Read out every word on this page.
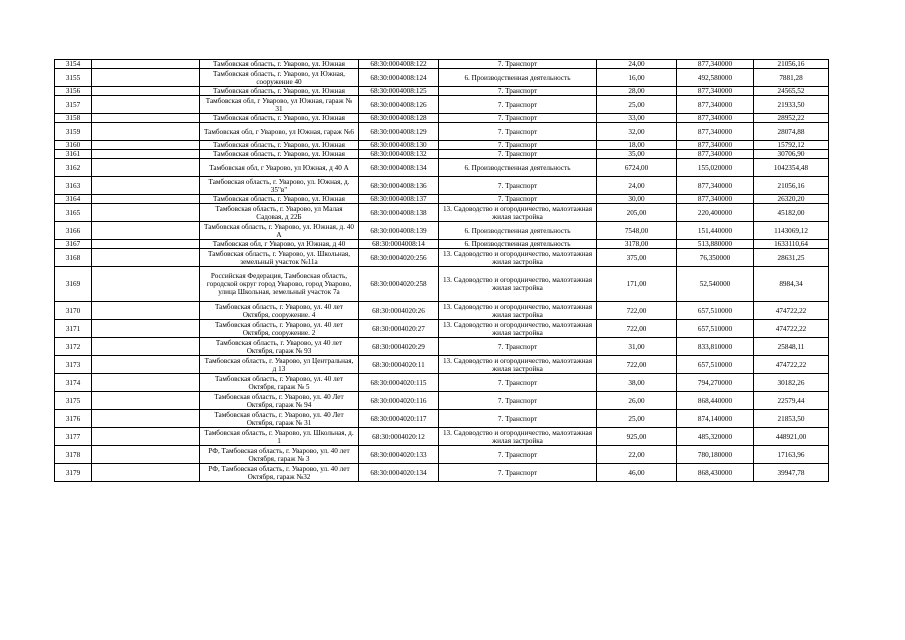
3154		Тамбовская область, г. Уварово, ул. Южная	68:30:0004008:122	7. Транспорт	24,00	877,340000	21056,16
3155		Тамбовская область, г. Уварово, ул Южная, сооружение 40	68:30:0004008:124	6. Производственная деятельность	16,00	492,580000	7881,28
3156		Тамбовская область, г. Уварово, ул. Южная	68:30:0004008:125	7. Транспорт	28,00	877,340000	24565,52
3157		Тамбовская обл, г Уварово, ул Южная, гараж № 31	68:30:0004008:126	7. Транспорт	25,00	877,340000	21933,50
3158		Тамбовская область, г. Уварово, ул. Южная	68:30:0004008:128	7. Транспорт	33,00	877,340000	28952,22
3159		Тамбовская обл, г Уварово, ул Южная, гараж №6	68:30:0004008:129	7. Транспорт	32,00	877,340000	28074,88
3160		Тамбовская область, г. Уварово, ул. Южная	68:30:0004008:130	7. Транспорт	18,00	877,340000	15792,12
3161		Тамбовская область, г. Уварово, ул. Южная	68:30:0004008:132	7. Транспорт	35,00	877,340000	30706,90
3162		Тамбовская обл, г Уварово, ул Южная, д 40 А	68:30:0004008:134	6. Производственная деятельность	6724,00	155,020000	1042354,48
3163		Тамбовская область, г. Уварово, ул. Южная, д. 35"в"	68:30:0004008:136	7. Транспорт	24,00	877,340000	21056,16
3164		Тамбовская область, г. Уварово, ул. Южная	68:30:0004008:137	7. Транспорт	30,00	877,340000	26320,20
3165		Тамбовская область, г. Уварово, ул Малая Садовая, д 22Б	68:30:0004008:138	13. Садоводство и огородничество, малоэтажная жилая застройка	205,00	220,400000	45182,00
3166		Тамбовская область, г. Уварово, ул. Южная, д. 40 А	68:30:0004008:139	6. Производственная деятельность	7548,00	151,440000	1143069,12
3167		Тамбовская обл, г Уварово, ул Южная, д 40	68:30:0004008:14	6. Производственная деятельность	3178,00	513,880000	1633110,64
3168		Тамбовская область, г. Уварово, ул. Школьная, земельный участок №11а	68:30:0004020:256	13. Садоводство и огородничество, малоэтажная жилая застройка	375,00	76,350000	28631,25
3169		Российская Федерация, Тамбовская область, городской округ город Уварово, город Уварово, улица Школьная, земельный участок 7а	68:30:0004020:258	13. Садоводство и огородничество, малоэтажная жилая застройка	171,00	52,540000	8984,34
3170		Тамбовская область, г. Уварово, ул. 40 лет Октября, сооружение. 4	68:30:0004020:26	13. Садоводство и огородничество, малоэтажная жилая застройка	722,00	657,510000	474722,22
3171		Тамбовская область, г. Уварово, ул. 40 лет Октября, сооружение. 2	68:30:0004020:27	13. Садоводство и огородничество, малоэтажная жилая застройка	722,00	657,510000	474722,22
3172		Тамбовская область, г. Уварово, ул 40 лет Октября, гараж № 93	68:30:0004020:29	7. Транспорт	31,00	833,810000	25848,11
3173		Тамбовская область, г. Уварово, ул Центральная, д 13	68:30:0004020:11	13. Садоводство и огородничество, малоэтажная жилая застройка	722,00	657,510000	474722,22
3174		Тамбовская область, г. Уварово, ул. 40 лет Октября, гараж № 5	68:30:0004020:115	7. Транспорт	38,00	794,270000	30182,26
3175		Тамбовская область, г. Уварово, ул. 40 Лет Октября, гараж № 94	68:30:0004020:116	7. Транспорт	26,00	868,440000	22579,44
3176		Тамбовская область, г. Уварово, ул. 40 Лет Октября, гараж № 31	68:30:0004020:117	7. Транспорт	25,00	874,140000	21853,50
3177		Тамбовская область, г. Уварово, ул. Школьная, д. 1	68:30:0004020:12	13. Садоводство и огородничество, малоэтажная жилая застройка	925,00	485,320000	448921,00
3178		РФ, Тамбовская область, г. Уварово, ул. 40 лет Октября, гараж № 3	68:30:0004020:133	7. Транспорт	22,00	780,180000	17163,96
3179		РФ, Тамбовская область, г. Уварово, ул. 40 лет Октября, гараж №32	68:30:0004020:134	7. Транспорт	46,00	868,430000	39947,78
